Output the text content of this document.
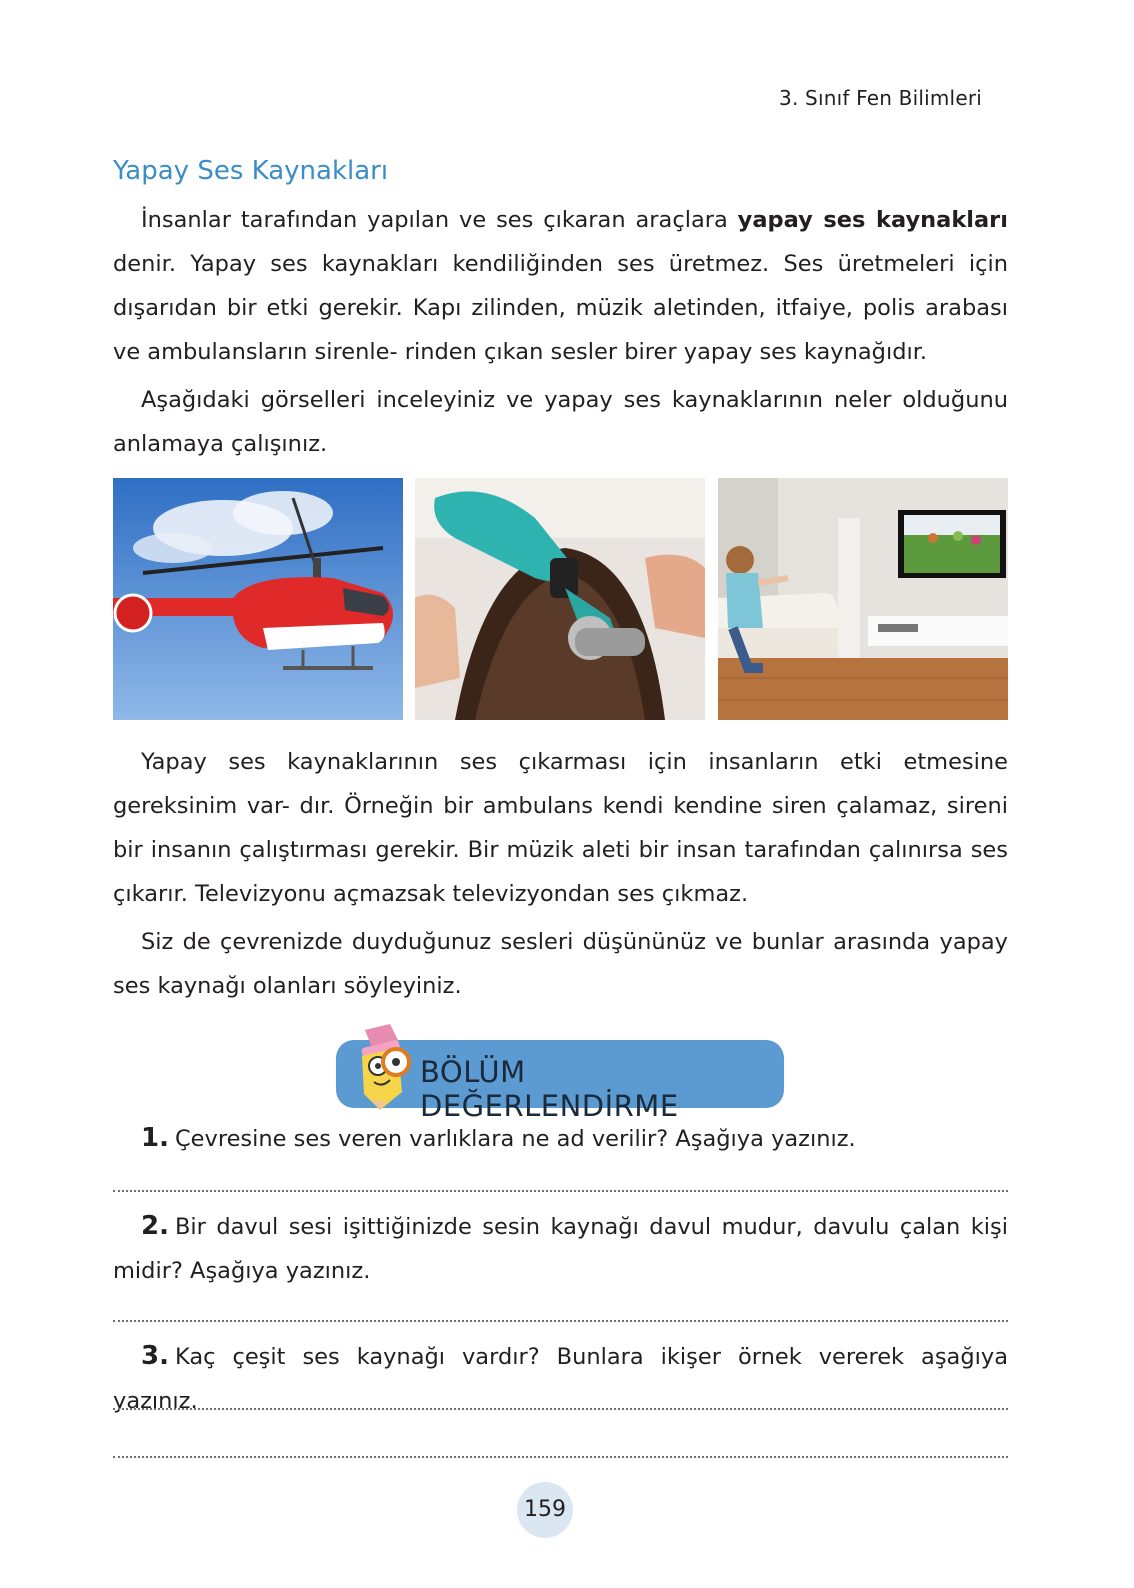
3. Sınıf Fen Bilimleri
Yapay Ses Kaynakları

İnsanlar tarafından yapılan ve ses çıkaran araçlara yapay ses kaynakları denir. Yapay ses kaynakları kendiliğinden ses üretmez. Ses üretmeleri için dışarıdan bir etki gerekir. Kapı zilinden, müzik aletinden, itfaiye, polis arabası ve ambulansların sirenle- rinden çıkan sesler birer yapay ses kaynağıdır.

Aşağıdaki görselleri inceleyiniz ve yapay ses kaynaklarının neler olduğunu anlamaya çalışınız.

Yapay ses kaynaklarının ses çıkarması için insanların etki etmesine gereksinim var- dır. Örneğin bir ambulans kendi kendine siren çalamaz, sireni bir insanın çalıştırması gerekir. Bir müzik aleti bir insan tarafından çalınırsa ses çıkarır. Televizyonu açmazsak televizyondan ses çıkmaz.

Siz de çevrenizde duyduğunuz sesleri düşününüz ve bunlar arasında yapay ses kaynağı olanları söyleyiniz.

BÖLÜM DEĞERLENDİRME

1. Çevresine ses veren varlıklara ne ad verilir? Aşağıya yazınız.

2. Bir davul sesi işittiğinizde sesin kaynağı davul mudur, davulu çalan kişi midir? Aşağıya yazınız.

3. Kaç çeşit ses kaynağı vardır? Bunlara ikişer örnek vererek aşağıya yazınız.

159
